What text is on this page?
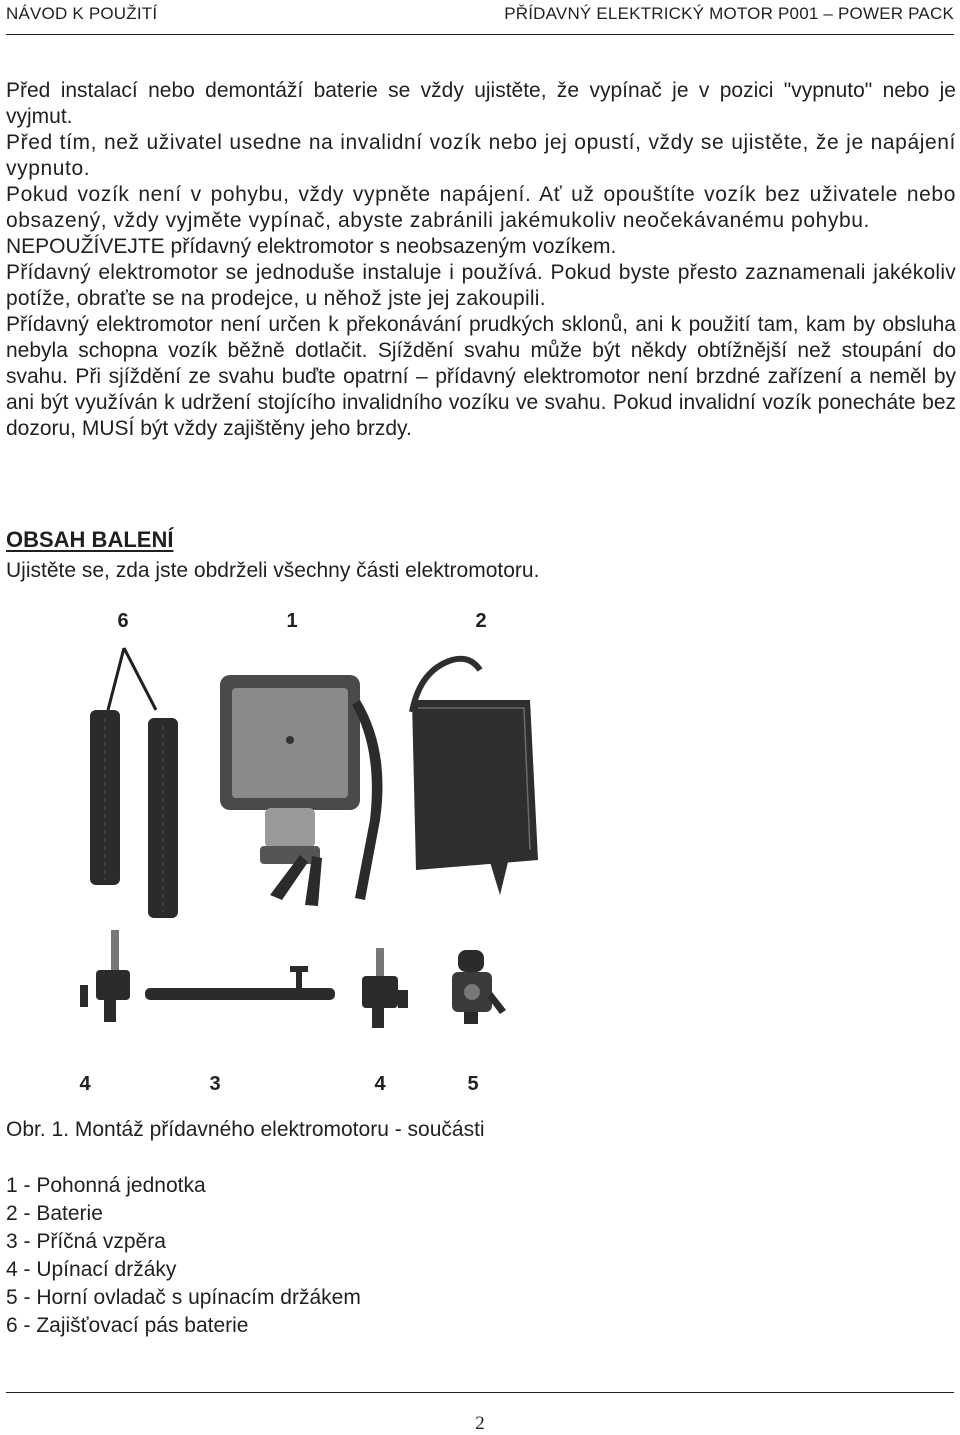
NÁVOD K POUŽITÍ	PŘÍDAVNÝ ELEKTRICKÝ MOTOR P001 – POWER PACK

Před instalací nebo demontáží baterie se vždy ujistěte, že vypínač je v pozici "vypnuto" nebo je vyjmut.

Před tím, než uživatel usedne na invalidní vozík nebo jej opustí, vždy se ujistěte, že je napájení vypnuto.

Pokud vozík není v pohybu, vždy vypněte napájení. Ať už opouštíte vozík bez uživatele nebo obsazený, vždy vyjměte vypínač, abyste zabránili jakémukoliv neočekávanému pohybu.

NEPOUŽÍVEJTE přídavný elektromotor s neobsazeným vozíkem.

Přídavný elektromotor se jednoduše instaluje i používá. Pokud byste přesto zaznamenali jakékoliv potíže, obraťte se na prodejce, u něhož jste jej zakoupili.

Přídavný elektromotor není určen k překonávání prudkých sklonů, ani k použití tam, kam by obsluha nebyla schopna vozík běžně dotlačit. Sjíždění svahu může být někdy obtížnější než stoupání do svahu. Při sjíždění ze svahu buďte opatrní – přídavný elektromotor není brzdné zařízení a neměl by ani být využíván k udržení stojícího invalidního vozíku ve svahu. Pokud invalidní vozík ponecháte bez dozoru, MUSÍ být vždy zajištěny jeho brzdy.

OBSAH BALENÍ

Ujistěte se, zda jste obdrželi všechny části elektromotoru.

6	1	2
4	3	4	5

Obr. 1. Montáž přídavného elektromotoru - součásti

1 - Pohonná jednotka
2 - Baterie
3 - Příčná vzpěra
4 - Upínací držáky
5 - Horní ovladač s upínacím držákem
6 - Zajišťovací pás baterie
2
